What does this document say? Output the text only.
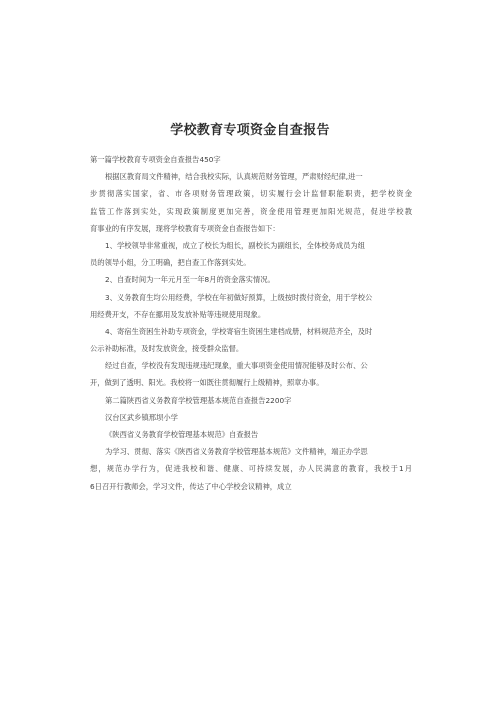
学校教育专项资金自查报告
第一篇学校教育专项资金自查报告450字
根据区教育局文件精神，结合我校实际，认真规范财务管理，严肃财经纪律,进一
步贯彻落实国家，省、市各项财务管理政策，切实履行会计监督职能职责，把学校资金
监管工作落到实处，实现政策制度更加完善，资金使用管理更加阳光规范，促进学校教
育事业的有序发展，现将学校教育专项资金自查报告如下：
1、学校领导非常重视，成立了校长为组长，副校长为副组长，全体校务成员为组
员的领导小组，分工明确，把自查工作落到实处。
2、自查时间为一年元月至一年8月的资金落实情况。
3、义务教育生均公用经费，学校在年初做好预算，上级按时拨付资金，用于学校公
用经费开支，不存在挪用及发放补贴等违规使用现象。
4、寄宿生资困生补助专项资金，学校寄宿生资困生建档成册，材料规范齐全，及时
公示补助标准，及时发放资金，接受群众监督。
经过自查，学校没有发现违规违纪现象，重大事项资金使用情况能够及时公布、公
开，做到了透明、阳光。我校将一如既往贯彻履行上级精神，照章办事。
第二篇陕西省义务教育学校管理基本规范自查报告2200字
汉台区武乡镇邢坝小学
《陕西省义务教育学校管理基本规范》自查报告
为学习、贯彻、落实《陕西省义务教育学校管理基本规范》文件精神，端正办学思
想，规范办学行为，促进我校和谐、健康、可持续发展，办人民满意的教育，我校于1月
6日召开行教师会，学习文件，传达了中心学校会议精神，成立
